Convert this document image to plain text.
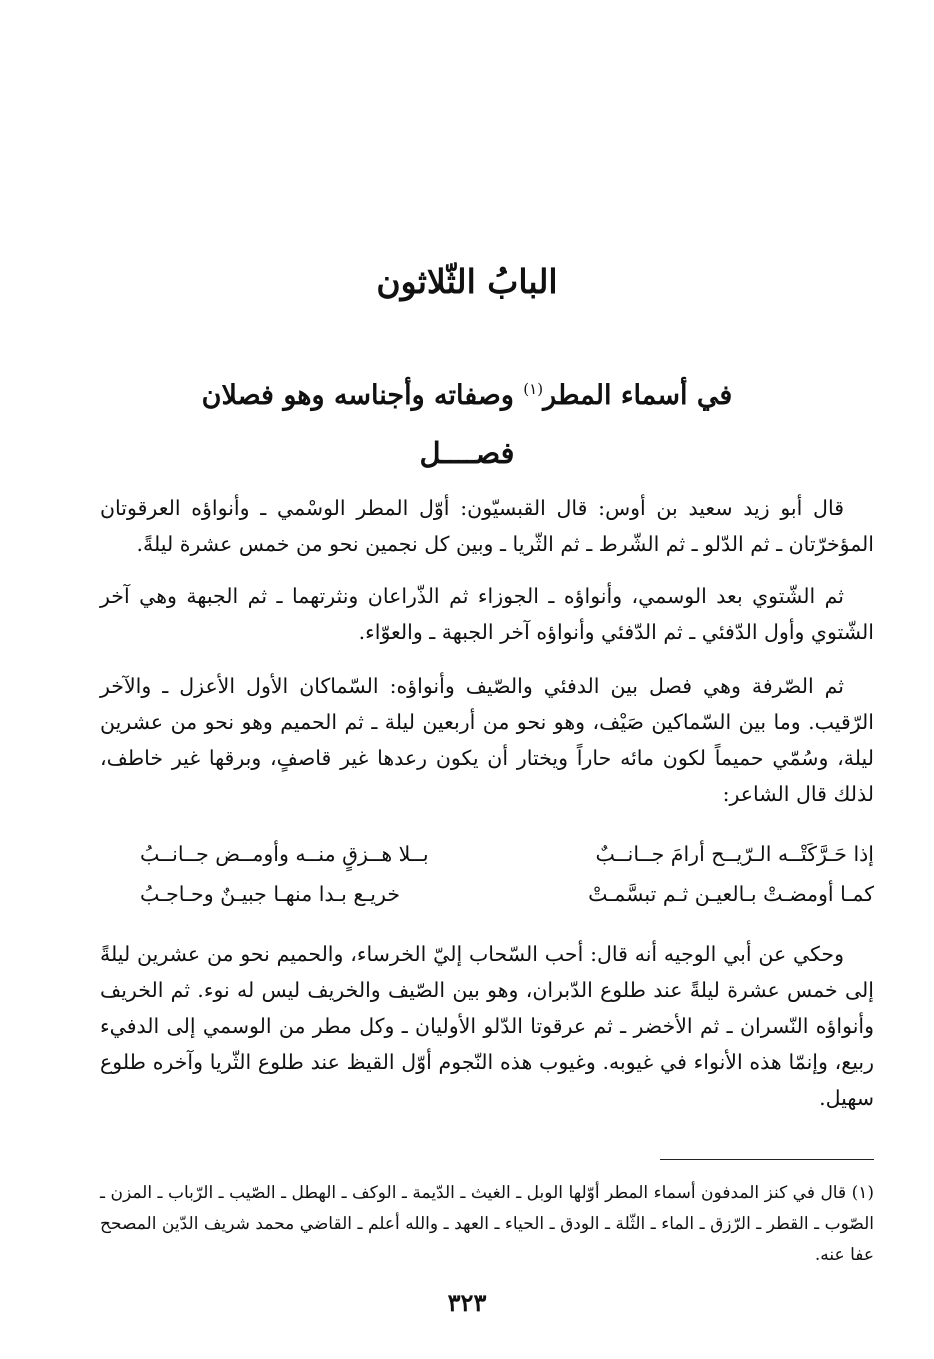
البابُ الثّلاثون
في أسماء المطر$^{(١)}$ وصفاته وأجناسه وهو فصلان
فصــــل

قال أبو زيد سعيد بن أوس: قال القبسيّون: أوّل المطر الوسْمي ـ وأنواؤه العرقوتان المؤخرّتان ـ ثم الدّلو ـ ثم الشّرط ـ ثم الثّريا ـ وبين كل نجمين نحو من خمس عشرة ليلةً.

ثم الشّتوي بعد الوسمي، وأنواؤه ـ الجوزاء ثم الذّراعان ونثرتهما ـ ثم الجبهة وهي آخر الشّتوي وأول الدّفئي ـ ثم الدّفئي وأنواؤه آخر الجبهة ـ والعوّاء.

ثم الصّرفة وهي فصل بين الدفئي والصّيف وأنواؤه: السّماكان الأول الأعزل ـ والآخر الرّقيب. وما بين السّماكين صَيْف، وهو نحو من أربعين ليلة ـ ثم الحميم وهو نحو من عشرين ليلة، وسُمّي حميماً لكون مائه حاراً ويختار أن يكون رعدها غير قاصفٍ، وبرقها غير خاطف، لذلك قال الشاعر:

إذا حَـرَّكَتْــه الـرّيــح أرامَ جــانــبٌ
بــلا هــزقٍ منــه وأومــض جــانــبُ
كمـا أومضـتْ بـالعيـن ثـم تبسَّمـتْ
خريـع بـدا منهـا جبيـنٌ وحـاجـبُ

وحكي عن أبي الوجيه أنه قال: أحب السّحاب إليّ الخرساء، والحميم نحو من عشرين ليلةً إلى خمس عشرة ليلةً عند طلوع الدّبران، وهو بين الصّيف والخريف ليس له نوء. ثم الخريف وأنواؤه النّسران ـ ثم الأخضر ـ ثم عرقوتا الدّلو الأوليان ـ وكل مطر من الوسمي إلى الدفيء ربيع، وإنمّا هذه الأنواء في غيوبه. وغيوب هذه النّجوم أوّل القيظ عند طلوع الثّريا وآخره طلوع سهيل.

(١) قال في كنز المدفون أسماء المطر أوّلها الوبل ـ الغيث ـ الدّيمة ـ الوكف ـ الهطل ـ الصّيب ـ الرّباب ـ المزن ـ الصّوب ـ القطر ـ الرّزق ـ الماء ـ الثّلة ـ الودق ـ الحياء ـ العهد ـ والله أعلم ـ القاضي محمد شريف الدّين المصحح عفا عنه.

٣٢٣
